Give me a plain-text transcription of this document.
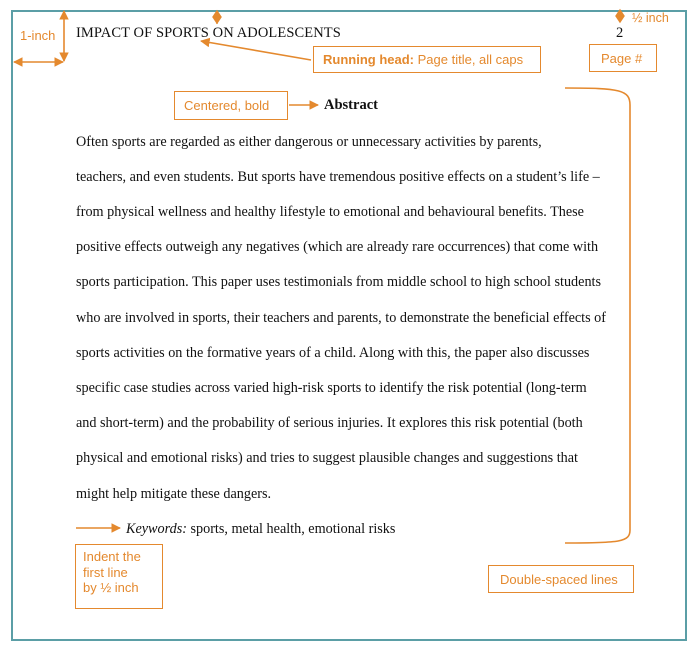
IMPACT OF SPORTS ON ADOLESCENTS	2
Abstract
Often sports are regarded as either dangerous or unnecessary activities by parents,
teachers, and even students. But sports have tremendous positive effects on a student’s life –
from physical wellness and healthy lifestyle to emotional and behavioural benefits. These
positive effects outweigh any negatives (which are already rare occurrences) that come with
sports participation. This paper uses testimonials from middle school to high school students
who are involved in sports, their teachers and parents, to demonstrate the beneficial effects of
sports activities on the formative years of a child. Along with this, the paper also discusses
specific case studies across varied high-risk sports to identify the risk potential (long-term
and short-term) and the probability of serious injuries. It explores this risk potential (both
physical and emotional risks) and tries to suggest plausible changes and suggestions that
might help mitigate these dangers.
Keywords: sports, metal health, emotional risks
1-inch
½ inch
Running head: Page title, all caps	Page #
Centered, bold
Indent the
first line
by ½ inch
Double-spaced lines
